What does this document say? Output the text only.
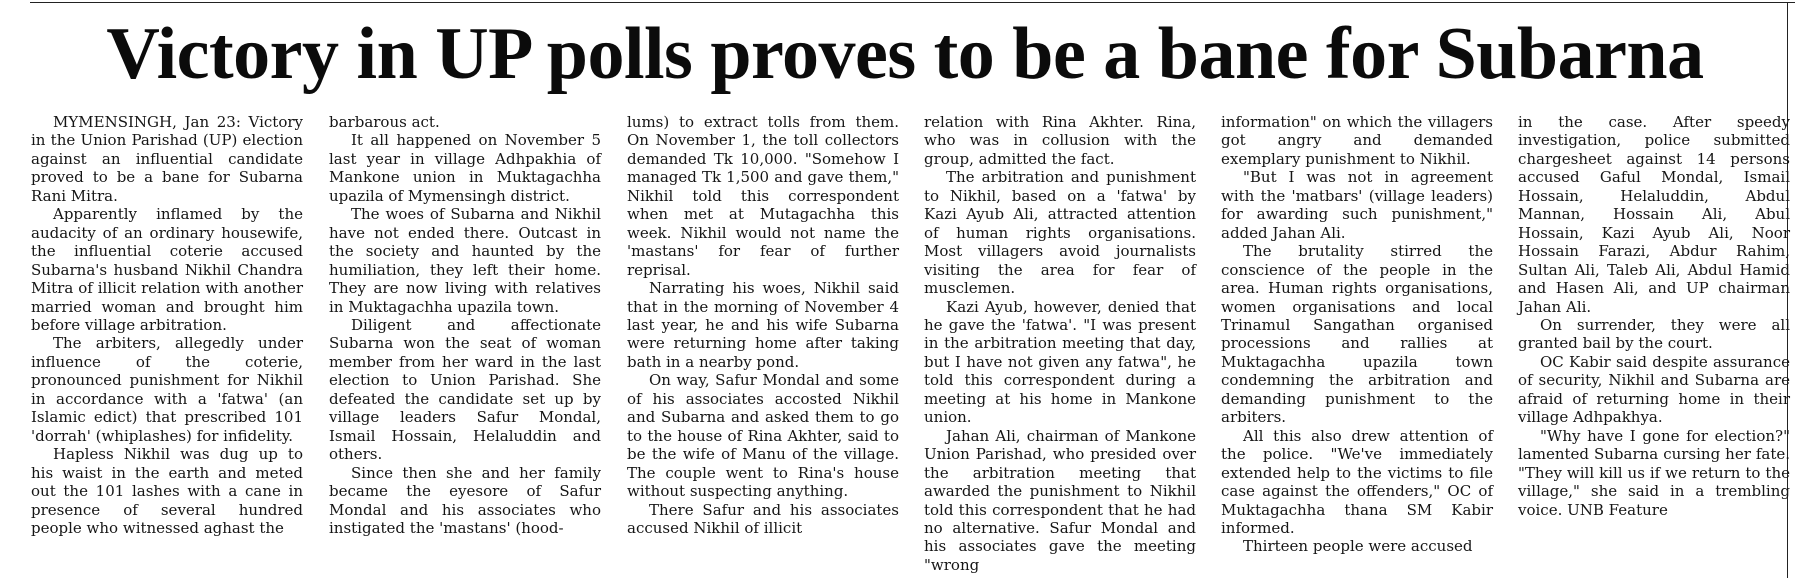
Victory in UP polls proves to be a bane for Subarna

MYMENSINGH, Jan 23: Victory in the Union Parishad (UP) election against an influential candidate proved to be a bane for Subarna Rani Mitra.

Apparently inflamed by the audacity of an ordinary housewife, the influential coterie accused Subarna's husband Nikhil Chandra Mitra of illicit relation with another married woman and brought him before village arbitration.

The arbiters, allegedly under influence of the coterie, pronounced punishment for Nikhil in accordance with a 'fatwa' (an Islamic edict) that prescribed 101 'dorrah' (whiplashes) for infidelity.

Hapless Nikhil was dug up to his waist in the earth and meted out the 101 lashes with a cane in presence of several hundred people who witnessed aghast the

barbarous act.

It all happened on November 5 last year in village Adhpakhia of Mankone union in Muktagachha upazila of Mymensingh district.

The woes of Subarna and Nikhil have not ended there. Outcast in the society and haunted by the humiliation, they left their home. They are now living with relatives in Muktagachha upazila town.

Diligent and affectionate Subarna won the seat of woman member from her ward in the last election to Union Parishad. She defeated the candidate set up by village leaders Safur Mondal, Ismail Hossain, Helaluddin and others.

Since then she and her family became the eyesore of Safur Mondal and his associates who instigated the 'mastans' (hood-

lums) to extract tolls from them. On November 1, the toll collectors demanded Tk 10,000. "Somehow I managed Tk 1,500 and gave them," Nikhil told this correspondent when met at Mutagachha this week. Nikhil would not name the 'mastans' for fear of further reprisal.

Narrating his woes, Nikhil said that in the morning of November 4 last year, he and his wife Subarna were returning home after taking bath in a nearby pond.

On way, Safur Mondal and some of his associates accosted Nikhil and Subarna and asked them to go to the house of Rina Akhter, said to be the wife of Manu of the village. The couple went to Rina's house without suspecting anything.

There Safur and his associates accused Nikhil of illicit

relation with Rina Akhter. Rina, who was in collusion with the group, admitted the fact.

The arbitration and punishment to Nikhil, based on a 'fatwa' by Kazi Ayub Ali, attracted attention of human rights organisations. Most villagers avoid journalists visiting the area for fear of musclemen.

Kazi Ayub, however, denied that he gave the 'fatwa'. "I was present in the arbitration meeting that day, but I have not given any fatwa", he told this correspondent during a meeting at his home in Mankone union.

Jahan Ali, chairman of Mankone Union Parishad, who presided over the arbitration meeting that awarded the punishment to Nikhil told this correspondent that he had no alternative. Safur Mondal and his associates gave the meeting "wrong

information" on which the villagers got angry and demanded exemplary punishment to Nikhil.

"But I was not in agreement with the 'matbars' (village leaders) for awarding such punishment," added Jahan Ali.

The brutality stirred the conscience of the people in the area. Human rights organisations, women organisations and local Trinamul Sangathan organised processions and rallies at Muktagachha upazila town condemning the arbitration and demanding punishment to the arbiters.

All this also drew attention of the police. "We've immediately extended help to the victims to file case against the offenders," OC of Muktagachha thana SM Kabir informed.

Thirteen people were accused

in the case. After speedy investigation, police submitted chargesheet against 14 persons accused Gaful Mondal, Ismail Hossain, Helaluddin, Abdul Mannan, Hossain Ali, Abul Hossain, Kazi Ayub Ali, Noor Hossain Farazi, Abdur Rahim, Sultan Ali, Taleb Ali, Abdul Hamid and Hasen Ali, and UP chairman Jahan Ali.

On surrender, they were all granted bail by the court.

OC Kabir said despite assurance of security, Nikhil and Subarna are afraid of returning home in their village Adhpakhya.

"Why have I gone for election?" lamented Subarna cursing her fate. "They will kill us if we return to the village," she said in a trembling voice. UNB Feature
